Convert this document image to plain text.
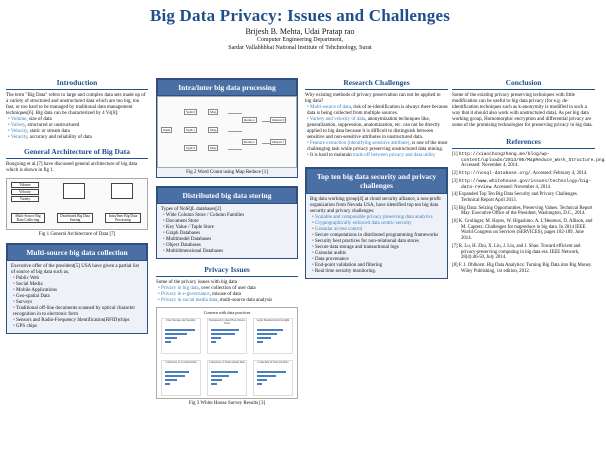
Big Data Privacy: Issues and Challenges
Brijesh B. Mehta, Udai Pratap rao
Computer Engineering Department,
Sardar Vallabhbhai National Institute of Tehchnology, Surat
Introduction

The term "Big Data" refers to large and complex data sets made up of a variety of structured and unstructured data which are too big, too fast, or too hard to be managed by traditional data management techniques[6]. Big data can be characterized by 4 Vs[8]:

• Volume, size of data
• Variety, structured or unstructured
• Velocity, static or stream data
• Veracity, accuracy and reliability of data
General Architecture of Big Data

Rongxing et al.[7] have discussed general architecture of big data which is shown in fig 1.

Volume
Velocity
Variety
Multi-Source Big Data Collecting
Distributed Big Data Storing
Intra/Inter Big Data Processing
Fig 1 General Architecture of Data [7]
Multi-source big data collection

Executive offer of the president[5] USA have given a partial list of source of big data such as,

• Public Web
• Social Media
• Mobile Applications
• Geo-spatial Data
• Surveys
• Traditional off-line documents scanned by optical character recognition in to electronic form
• Sensors and Radio-Frequency Identification(RFID)chips
• GPS chips
Intra/inter big data processing
Input
Split 0
Split 1
Split 2
Map
Map
Map
Reduce
Reduce
Output 0
Output 1
Fig 2 Word Count using Map Reduce [1]
Distributed big data storing

Types of NoSQL databases[2]

• Wide Column Store / Column Families
• Document Store
• Key Value / Tuple Store
• Graph Databases
• Multimodel Databases
• Object Databases
• Multidimensional Databases
Privacy Issues

Some of the privacy issues with big data

• Privacy in big data, over collection of user data
• Privacy in e-governance, misuse of data
• Privacy in social media data, multi-source data analysis
Concern with data practices
Data Storage and Security	Transparency about How Data is Used
Legal Standards & Oversight
Collection of Location Data	Collection of Video/Audio Data	Collection of Telecom Data
Fig 3 White House Survey Results [3]
Research Challenges

Why existing methods of privacy preservation can not be applied to big data?

• Multi-source of data, risk of re-identification is always there because data is being collected from multiple sources.
• Variety and velocity of data, anonymization techniques like, generalization, suppression, anatomization, etc. can not be directly applied to big data because it is difficult to distinguish between sensitive and non-sensitive attributes in unstructured data.
• Feature extraction (identifying sensitive attribute), is one of the most challenging task while privacy preserving unstructured data mining.
• It is hard to maintain trade off between privacy and data utility
Top ten big data security and privacy challenges

Big data working group[4] at cloud security alliance, a non-profit organization from Nevada USA, have identified top ten big data security and privacy challenges:

• Scalable and composable privacy preserving data analytics
• Cryptographically enforced data centric security
• Granular access control
• Secure computations in distributed programming frameworks
• Security best practices for non-relational data stores
• Secure data storage and transactional logs
• Granular audits
• Data provenance
• End-point validation and filtering
• Real time security monitoring.
Conclusion

Some of the existing privacy preserving techniques with little modification can be useful to big data privacy (for e.g. de-identification techniques such as k-anonymity is modified in such a way that it should also work with unstructured data). As per big data working group, Homomorphic encryption and differential privacy are some of the promising technologies for preserving privacy in big data.

References
[1] http://xiaochongzhang.me/blog/wp-content/uploads/2013/05/MapReduce_Work_Structure.png. Accessed: November 4, 2014.
[2] http://nosql-database.org/. Accessed: February 4, 2014.
[3] http://www.whitehouse.gov/issues/technology/big-data-review. Accessed: November 4, 2014.
[4] Expanded Top Ten Big Data Security and Privacy Challenges. Technical Report April 2013.
[5] Big Data: Seizing Opportunities, Preserving Values. Technical Report May. Executive Office of the President, Washington, D.C., 2014.
[6] K. Grolinger, M. Hayes, W. Higashino, A. L'Heureux, D. Allison, and M. Capretz. Challenges for mapreduce in big data. In 2014 IEEE World Congress on Services (SERVICES), pages 182-189, June 2014.
[7] R. Lu, H. Zhu, X. Liu, J. Liu, and J. Shao. Toward efficient and privacy-preserving computing in big data era. IEEE Network, 28(4):46-50, July 2014.
[8] F. J. Ohlhorst. Big Data Analytics: Turning Big Data into Big Money. Wiley Publishing, 1st edition, 2012.
